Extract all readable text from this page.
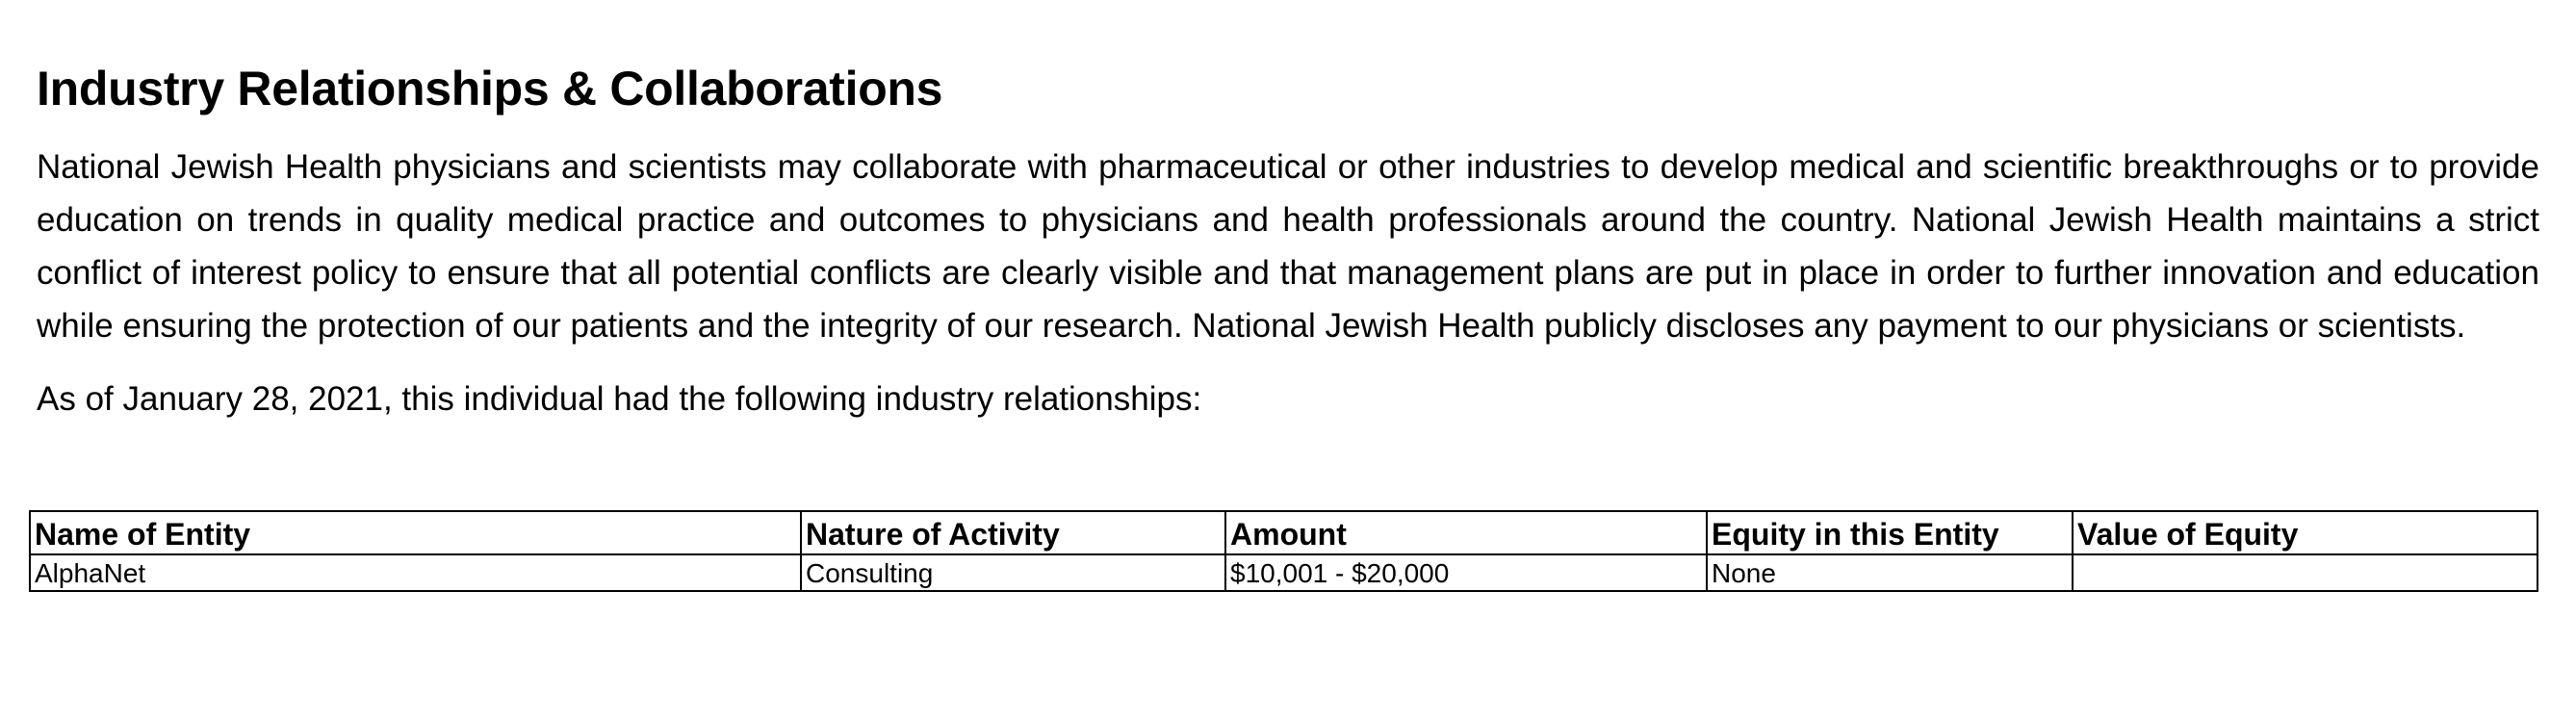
Industry Relationships & Collaborations

National Jewish Health physicians and scientists may collaborate with pharmaceutical or other industries to develop medical and scientific breakthroughs or to provide education on trends in quality medical practice and outcomes to physicians and health professionals around the country. National Jewish Health maintains a strict conflict of interest policy to ensure that all potential conflicts are clearly visible and that management plans are put in place in order to further innovation and education while ensuring the protection of our patients and the integrity of our research. National Jewish Health publicly discloses any payment to our physicians or scientists.

As of January 28, 2021, this individual had the following industry relationships:

Name of Entity	Nature of Activity	Amount	Equity in this Entity	Value of Equity
AlphaNet	Consulting	$10,001 - $20,000	None	
